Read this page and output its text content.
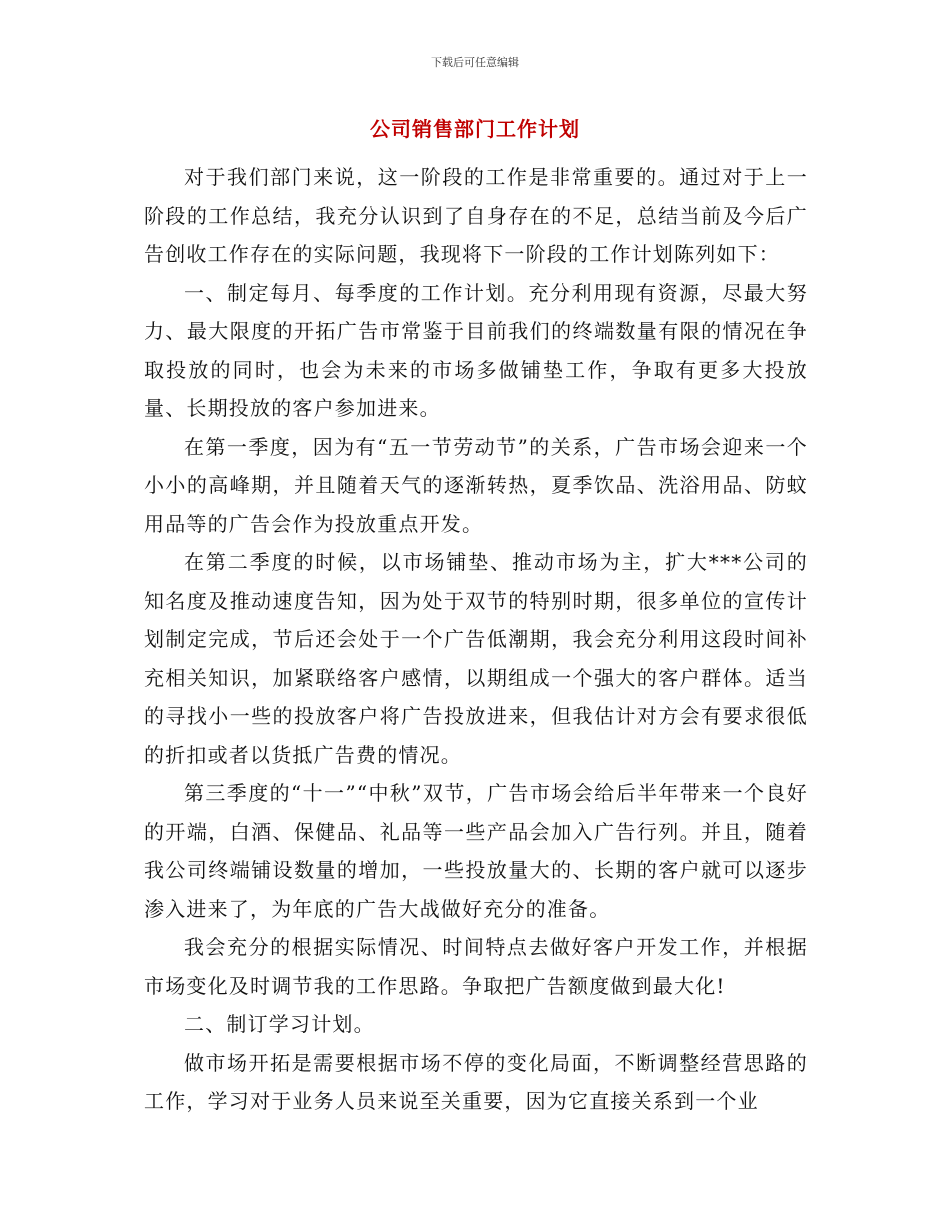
下载后可任意编辑
公司销售部门工作计划

对于我们部门来说，这一阶段的工作是非常重要的。通过对于上一阶段的工作总结，我充分认识到了自身存在的不足，总结当前及今后广告创收工作存在的实际问题，我现将下一阶段的工作计划陈列如下：

一、制定每月、每季度的工作计划。充分利用现有资源，尽最大努力、最大限度的开拓广告市常鉴于目前我们的终端数量有限的情况在争取投放的同时，也会为未来的市场多做铺垫工作，争取有更多大投放量、长期投放的客户参加进来。

在第一季度，因为有“五一节劳动节”的关系，广告市场会迎来一个小小的高峰期，并且随着天气的逐渐转热，夏季饮品、洗浴用品、防蚊用品等的广告会作为投放重点开发。

在第二季度的时候，以市场铺垫、推动市场为主，扩大***公司的知名度及推动速度告知，因为处于双节的特别时期，很多单位的宣传计划制定完成，节后还会处于一个广告低潮期，我会充分利用这段时间补充相关知识，加紧联络客户感情，以期组成一个强大的客户群体。适当的寻找小一些的投放客户将广告投放进来，但我估计对方会有要求很低的折扣或者以货抵广告费的情况。

第三季度的“十一”“中秋”双节，广告市场会给后半年带来一个良好的开端，白酒、保健品、礼品等一些产品会加入广告行列。并且，随着我公司终端铺设数量的增加，一些投放量大的、长期的客户就可以逐步渗入进来了，为年底的广告大战做好充分的准备。

我会充分的根据实际情况、时间特点去做好客户开发工作，并根据市场变化及时调节我的工作思路。争取把广告额度做到最大化!

二、制订学习计划。

做市场开拓是需要根据市场不停的变化局面，不断调整经营思路的工作，学习对于业务人员来说至关重要，因为它直接关系到一个业
